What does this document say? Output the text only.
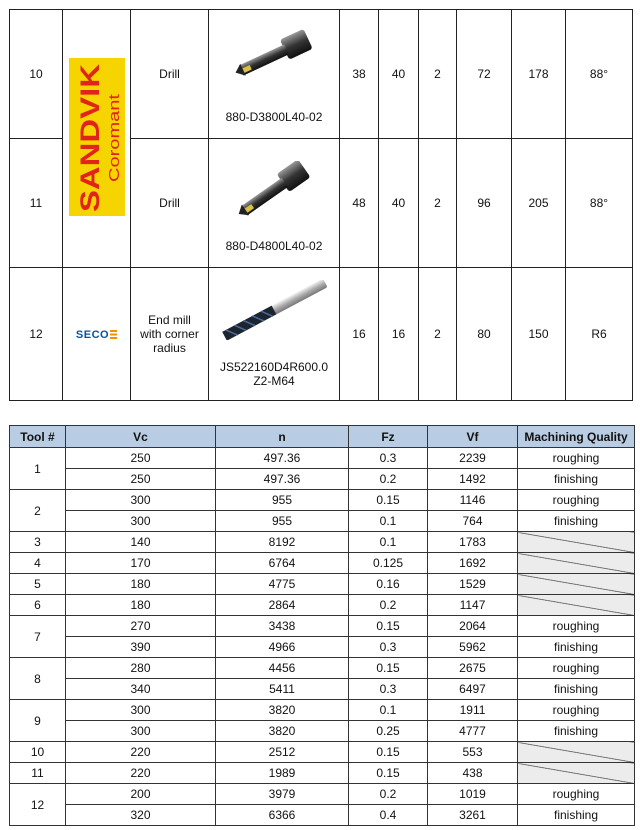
10	SANDVIK Coromant	Drill	880-D3800L40-02	38	40	2	72	178	88°
11		Drill	880-D4800L40-02	48	40	2	96	205	88°
12	SECO	End mill with corner radius	JS522160D4R600.0 Z2-M64	16	16	2	80	150	R6
Tool #	Vc	n	Fz	Vf	Machining Quality
1	250	497.36	0.3	2239	roughing
	250	497.36	0.2	1492	finishing
2	300	955	0.15	1146	roughing
	300	955	0.1	764	finishing
3	140	8192	0.1	1783	
4	170	6764	0.125	1692	
5	180	4775	0.16	1529	
6	180	2864	0.2	1147	
7	270	3438	0.15	2064	roughing
	390	4966	0.3	5962	finishing
8	280	4456	0.15	2675	roughing
	340	5411	0.3	6497	finishing
9	300	3820	0.1	1911	roughing
	300	3820	0.25	4777	finishing
10	220	2512	0.15	553	
11	220	1989	0.15	438	
12	200	3979	0.2	1019	roughing
	320	6366	0.4	3261	finishing
